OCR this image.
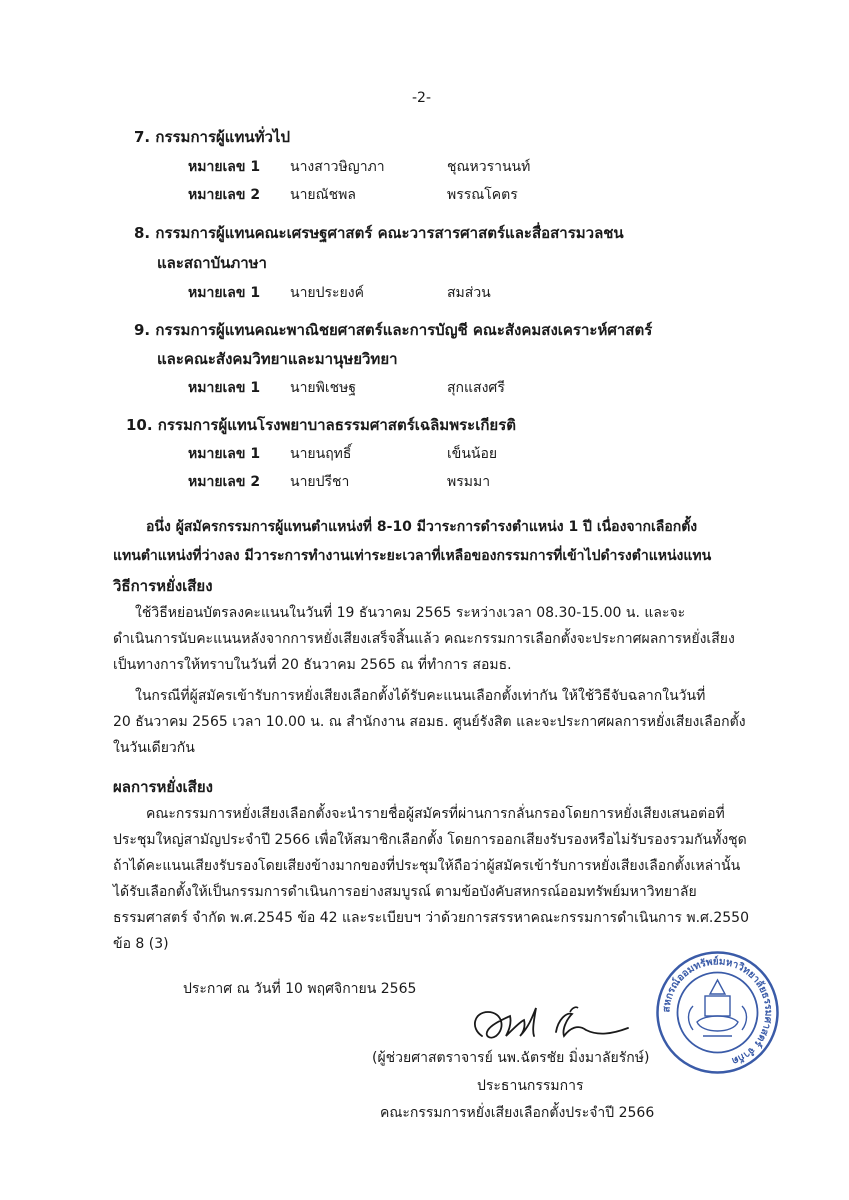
-2-
7. กรรมการผู้แทนทั่วไป
หมายเลข 1 นางสาวษิญาภา	ชุณหวรานนท์
หมายเลข 2 นายณัชพล	พรรณโคตร
8. กรรมการผู้แทนคณะเศรษฐศาสตร์ คณะวารสารศาสตร์และสื่อสารมวลชน
และสถาบันภาษา
หมายเลข 1 นายประยงค์	สมส่วน
9. กรรมการผู้แทนคณะพาณิชยศาสตร์และการบัญชี คณะสังคมสงเคราะห์ศาสตร์
และคณะสังคมวิทยาและมานุษยวิทยา
หมายเลข 1 นายพิเชษฐ	สุกแสงศรี
10. กรรมการผู้แทนโรงพยาบาลธรรมศาสตร์เฉลิมพระเกียรติ
หมายเลข 1 นายนฤทธิ์	เข็นน้อย
หมายเลข 2 นายปรีชา	พรมมา
อนึ่ง ผู้สมัครกรรมการผู้แทนตำแหน่งที่ 8-10 มีวาระการดำรงตำแหน่ง 1 ปี เนื่องจากเลือกตั้ง
แทนตำแหน่งที่ว่างลง มีวาระการทำงานเท่าระยะเวลาที่เหลือของกรรมการที่เข้าไปดำรงตำแหน่งแทน
วิธีการหยั่งเสียง
ใช้วิธีหย่อนบัตรลงคะแนนในวันที่ 19 ธันวาคม 2565 ระหว่างเวลา 08.30-15.00 น. และจะ
ดำเนินการนับคะแนนหลังจากการหยั่งเสียงเสร็จสิ้นแล้ว คณะกรรมการเลือกตั้งจะประกาศผลการหยั่งเสียง
เป็นทางการให้ทราบในวันที่ 20 ธันวาคม 2565 ณ ที่ทำการ สอมธ.
ในกรณีที่ผู้สมัครเข้ารับการหยั่งเสียงเลือกตั้งได้รับคะแนนเลือกตั้งเท่ากัน ให้ใช้วิธีจับฉลากในวันที่
20 ธันวาคม 2565 เวลา 10.00 น. ณ สำนักงาน สอมธ. ศูนย์รังสิต และจะประกาศผลการหยั่งเสียงเลือกตั้ง
ในวันเดียวกัน
ผลการหยั่งเสียง
คณะกรรมการหยั่งเสียงเลือกตั้งจะนำรายชื่อผู้สมัครที่ผ่านการกลั่นกรองโดยการหยั่งเสียงเสนอต่อที่
ประชุมใหญ่สามัญประจำปี 2566 เพื่อให้สมาชิกเลือกตั้ง โดยการออกเสียงรับรองหรือไม่รับรองรวมกันทั้งชุด
ถ้าได้คะแนนเสียงรับรองโดยเสียงข้างมากของที่ประชุมให้ถือว่าผู้สมัครเข้ารับการหยั่งเสียงเลือกตั้งเหล่านั้น
ได้รับเลือกตั้งให้เป็นกรรมการดำเนินการอย่างสมบูรณ์ ตามข้อบังคับสหกรณ์ออมทรัพย์มหาวิทยาลัย
ธรรมศาสตร์ จำกัด พ.ศ.2545 ข้อ 42 และระเบียบฯ ว่าด้วยการสรรหาคณะกรรมการดำเนินการ พ.ศ.2550
ข้อ 8 (3)
ประกาศ ณ วันที่ 10 พฤศจิกายน 2565
สหกรณ์ออมทรัพย์มหาวิทยาลัยธรรมศาสตร์ จำกัด
(ผู้ช่วยศาสตราจารย์ นพ.ฉัตรชัย มิ่งมาลัยรักษ์)
ประธานกรรมการ
คณะกรรมการหยั่งเสียงเลือกตั้งประจำปี 2566
